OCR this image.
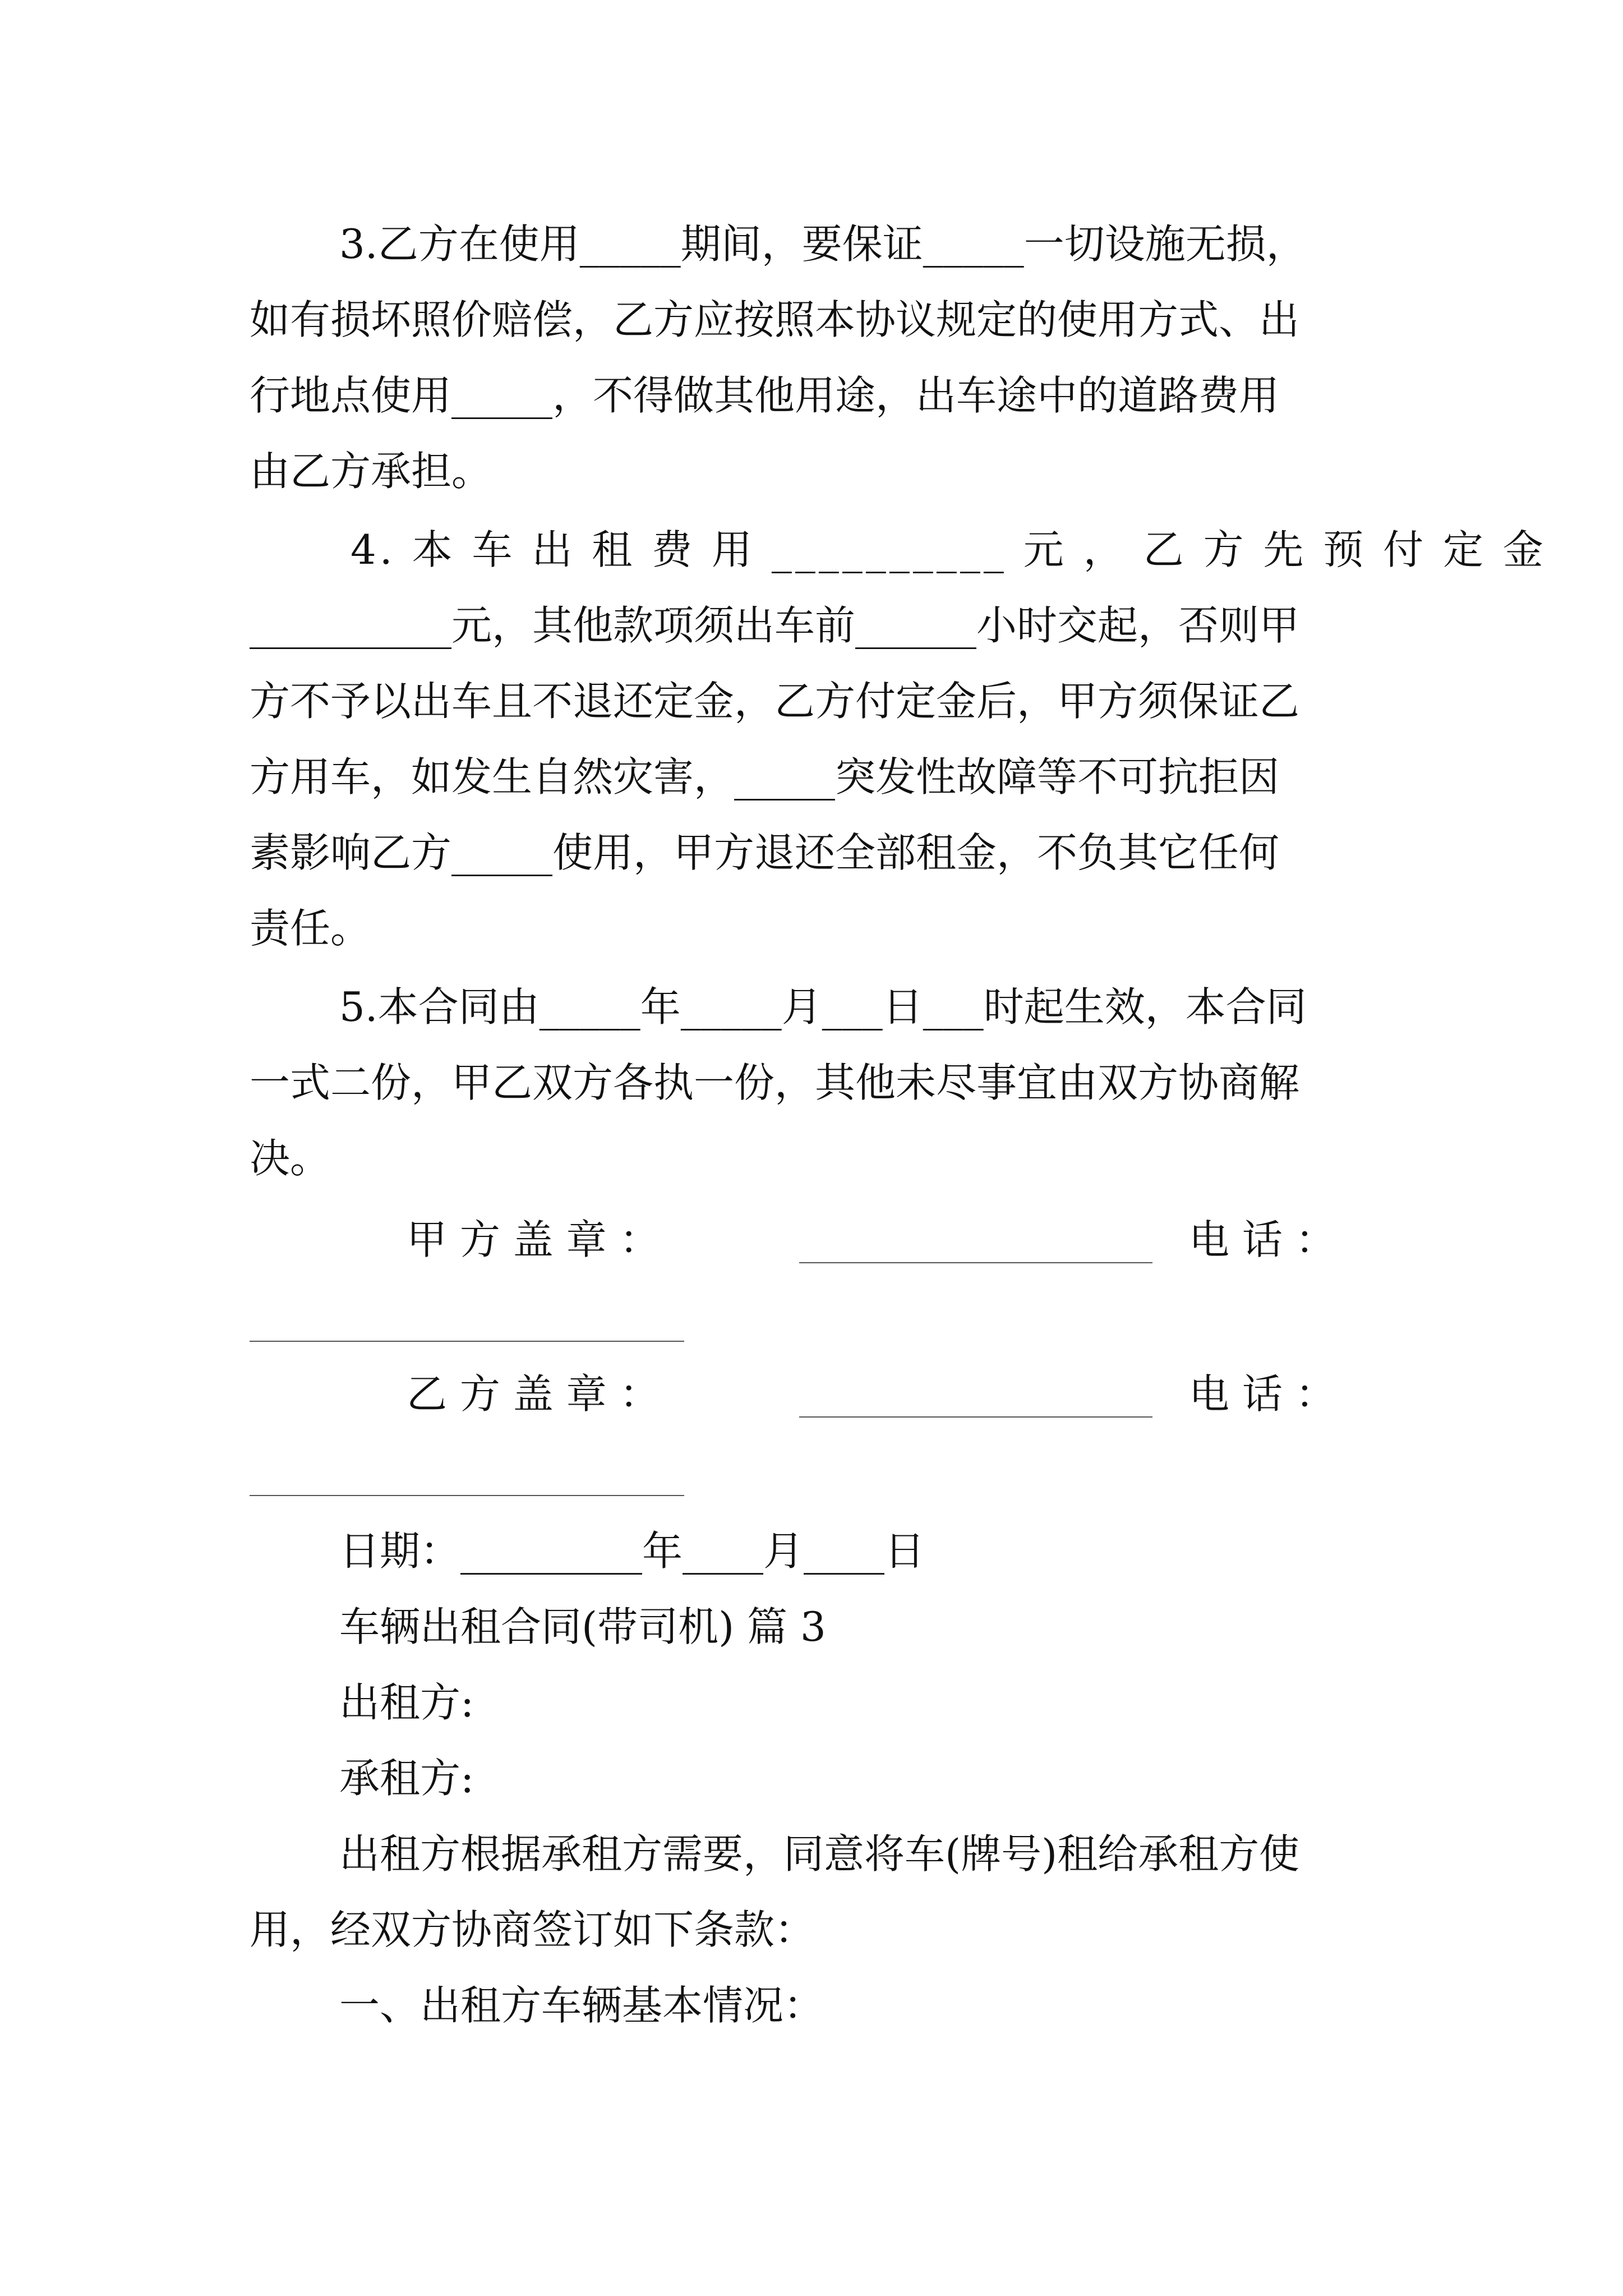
3.乙方在使用_____期间，要保证_____一切设施无损，
如有损坏照价赔偿，乙方应按照本协议规定的使用方式、出
行地点使用_____，不得做其他用途，出车途中的道路费用
由乙方承担。
4. 本 车 出 租 费 用 __________ 元 ， 乙 方 先 预 付 定 金
__________元，其他款项须出车前______小时交起，否则甲
方不予以出车且不退还定金，乙方付定金后，甲方须保证乙
方用车，如发生自然灾害，_____突发性故障等不可抗拒因
素影响乙方_____使用，甲方退还全部租金，不负其它任何
责任。
5.本合同由_____年_____月___日___时起生效，本合同
一式二份，甲乙双方各执一份，其他未尽事宜由双方协商解
决。
甲 方 盖 章 ：	电 话 ：
乙 方 盖 章 ：	电 话 ：
日期：_________年____月____日
车辆出租合同(带司机) 篇 3
出租方:
承租方:
出租方根据承租方需要，同意将车(牌号)租给承租方使
用，经双方协商签订如下条款：
一、出租方车辆基本情况：
